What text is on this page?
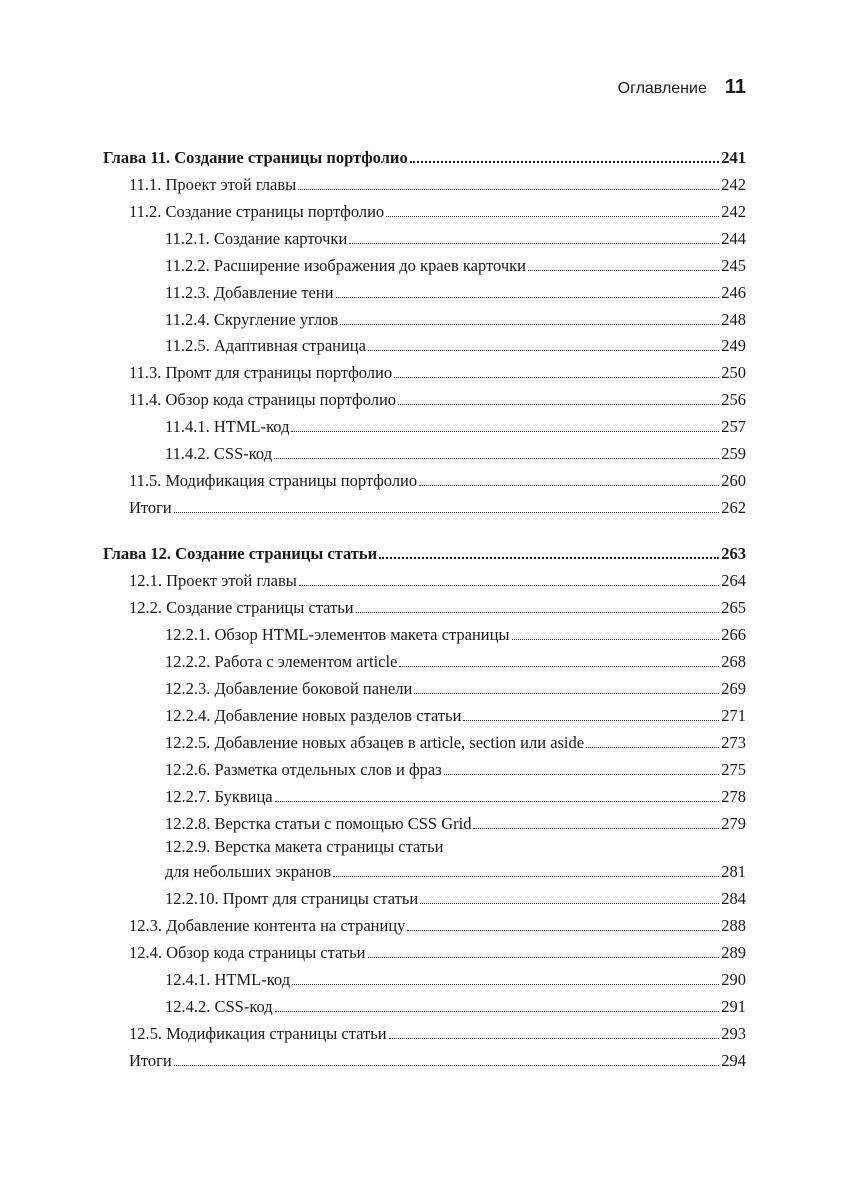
Оглавление 11
Глава 11. Создание страницы портфолио	241
11.1. Проект этой главы	242
11.2. Создание страницы портфолио	242
11.2.1. Создание карточки	244
11.2.2. Расширение изображения до краев карточки	245
11.2.3. Добавление тени	246
11.2.4. Скругление углов	248
11.2.5. Адаптивная страница	249
11.3. Промт для страницы портфолио	250
11.4. Обзор кода страницы портфолио	256
11.4.1. HTML-код	257
11.4.2. CSS-код	259
11.5. Модификация страницы портфолио	260
Итоги	262
Глава 12. Создание страницы статьи	263
12.1. Проект этой главы	264
12.2. Создание страницы статьи	265
12.2.1. Обзор HTML-элементов макета страницы	266
12.2.2. Работа с элементом article	268
12.2.3. Добавление боковой панели	269
12.2.4. Добавление новых разделов статьи	271
12.2.5. Добавление новых абзацев в article, section или aside	273
12.2.6. Разметка отдельных слов и фраз	275
12.2.7. Буквица	278
12.2.8. Верстка статьи с помощью CSS Grid	279
12.2.9. Верстка макета страницы статьи
для небольших экранов	281
12.2.10. Промт для страницы статьи	284
12.3. Добавление контента на страницу	288
12.4. Обзор кода страницы статьи	289
12.4.1. HTML-код	290
12.4.2. CSS-код	291
12.5. Модификация страницы статьи	293
Итоги	294
